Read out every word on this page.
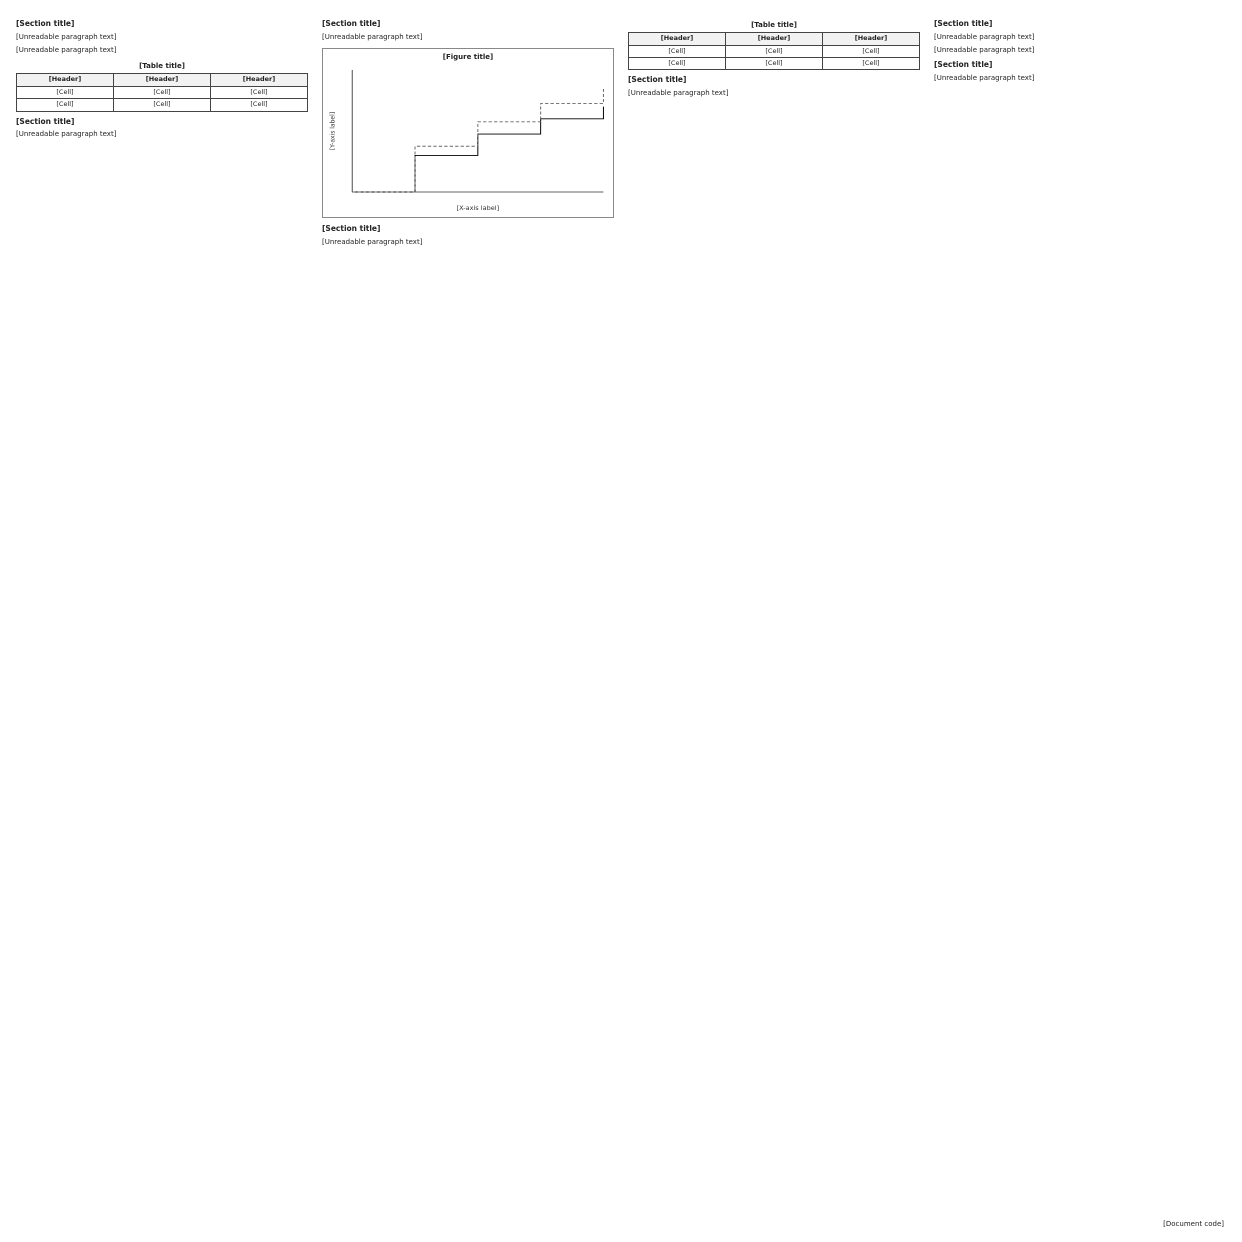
[Section title]

[Unreadable paragraph text]

[Unreadable paragraph text]

[Table title]
[Header]	[Header]	[Header]
[Cell]	[Cell]	[Cell]
[Cell]	[Cell]	[Cell]
[Section title]

[Unreadable paragraph text]

[Section title]

[Unreadable paragraph text]

[Figure title]
[X-axis label]
[Y-axis label]
[Section title]

[Unreadable paragraph text]

[Table title]
[Header]	[Header]	[Header]
[Cell]	[Cell]	[Cell]
[Cell]	[Cell]	[Cell]
[Section title]

[Unreadable paragraph text]

[Section title]

[Unreadable paragraph text]

[Unreadable paragraph text]

[Section title]

[Unreadable paragraph text]

[Document code]
